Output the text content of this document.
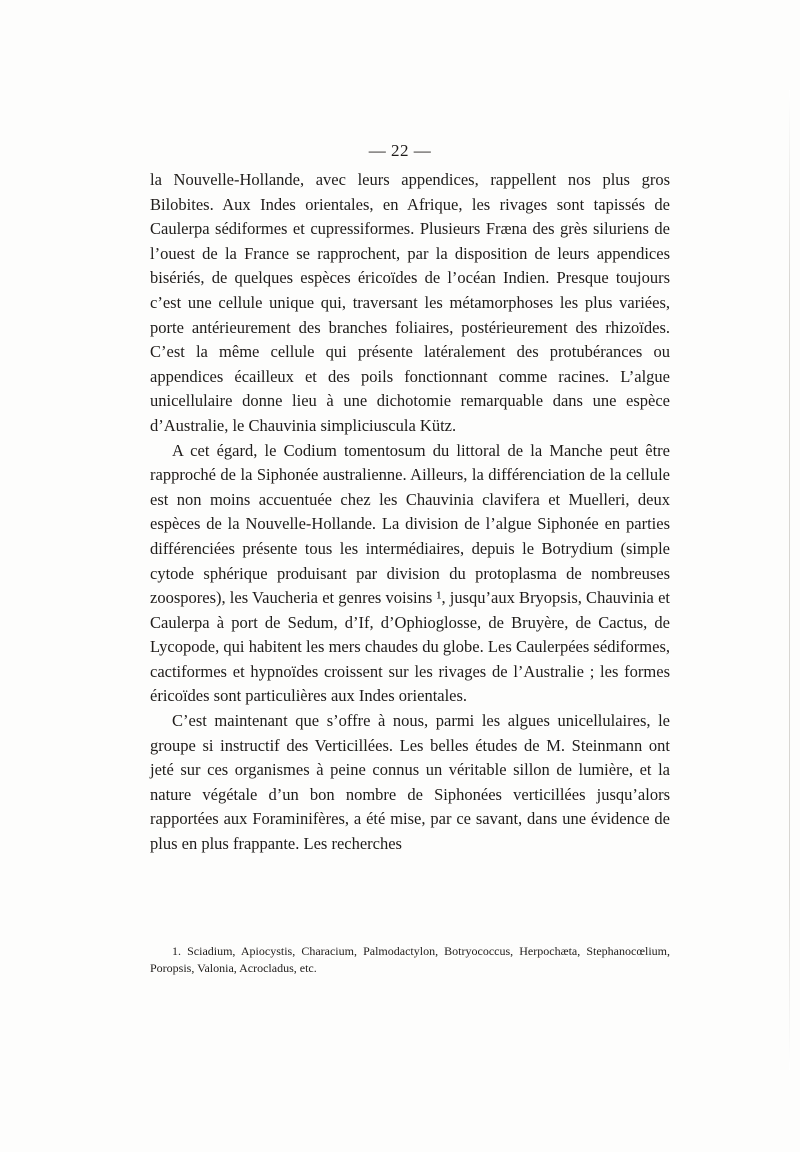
— 22 —

la Nouvelle-Hollande, avec leurs appendices, rappellent nos plus gros Bilobites. Aux Indes orientales, en Afrique, les rivages sont tapissés de Caulerpa sédiformes et cupressiformes. Plusieurs Fræna des grès siluriens de l’ouest de la France se rapprochent, par la disposition de leurs appendices bisériés, de quelques espèces éricoïdes de l’océan Indien. Presque toujours c’est une cellule unique qui, traversant les métamorphoses les plus variées, porte antérieurement des branches foliaires, postérieurement des rhizoïdes. C’est la même cellule qui présente latéralement des protubérances ou appendices écailleux et des poils fonctionnant comme racines. L’algue unicellulaire donne lieu à une dichotomie remarquable dans une espèce d’Australie, le Chauvinia simpliciuscula Kütz.

A cet égard, le Codium tomentosum du littoral de la Manche peut être rapproché de la Siphonée australienne. Ailleurs, la différenciation de la cellule est non moins accuentuée chez les Chauvinia clavifera et Muelleri, deux espèces de la Nouvelle-Hollande. La division de l’algue Siphonée en parties différenciées présente tous les intermédiaires, depuis le Botrydium (simple cytode sphérique produisant par division du protoplasma de nombreuses zoospores), les Vaucheria et genres voisins ¹, jusqu’aux Bryopsis, Chauvinia et Caulerpa à port de Sedum, d’If, d’Ophioglosse, de Bruyère, de Cactus, de Lycopode, qui habitent les mers chaudes du globe. Les Caulerpées sédiformes, cactiformes et hypnoïdes croissent sur les rivages de l’Australie ; les formes éricoïdes sont particulières aux Indes orientales.

C’est maintenant que s’offre à nous, parmi les algues unicellulaires, le groupe si instructif des Verticillées. Les belles études de M. Steinmann ont jeté sur ces organismes à peine connus un véritable sillon de lumière, et la nature végétale d’un bon nombre de Siphonées verticillées jusqu’alors rapportées aux Foraminifères, a été mise, par ce savant, dans une évidence de plus en plus frappante. Les recherches

1. Sciadium, Apiocystis, Characium, Palmodactylon, Botryococcus, Herpochæta, Stephanocœlium, Poropsis, Valonia, Acrocladus, etc.
